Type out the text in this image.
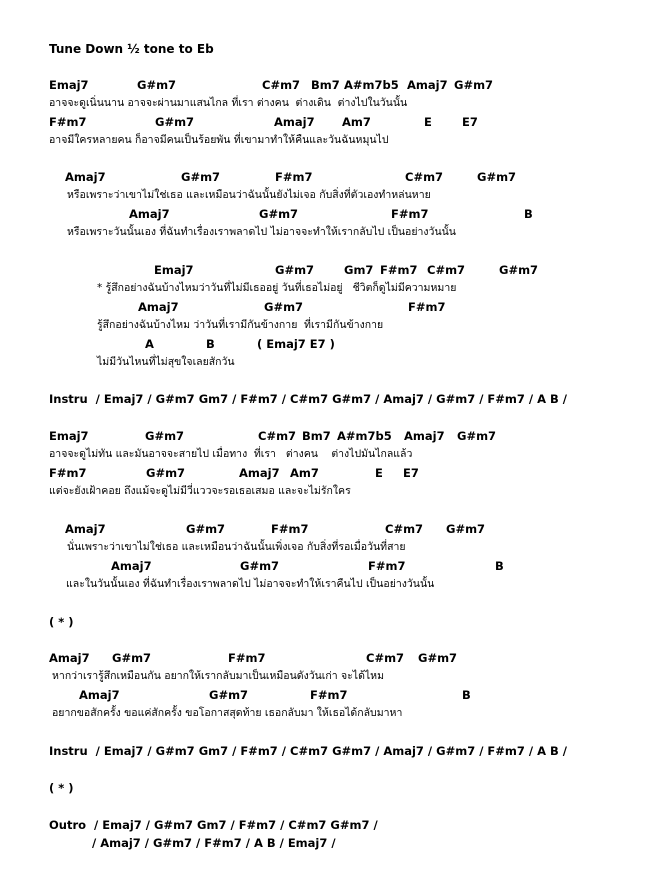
Tune Down ½ tone to Eb
Emaj7	G#m7	C#m7 Bm7 A#m7b5 Amaj7 G#m7
อาจจะดูเนิ่นนาน อาจจะผ่านมาแสนไกล ที่เรา ต่างคน  ต่างเดิน  ต่างไปในวันนั้น
F#m7	G#m7	Amaj7 Am7	E	E7
อาจมีใครหลายคน ก็อาจมีคนเป็นร้อยพัน ที่เขามาทำให้คืนและวันฉันหมุนไป
Amaj7	G#m7	F#m7	C#m7	G#m7
หรือเพราะว่าเขาไม่ใช่เธอ และเหมือนว่าฉันนั้นยังไม่เจอ กับสิ่งที่ตัวเองทำหล่นหาย
Amaj7	G#m7	F#m7	B
หรือเพราะวันนั้นเอง ที่ฉันทำเรื่องเราพลาดไป ไม่อาจจะทำให้เรากลับไป เป็นอย่างวันนั้น
Emaj7	G#m7	Gm7 F#m7 C#m7	G#m7
* รู้สึกอย่างฉันบ้างไหมว่าวันที่ไม่มีเธออยู่ วันที่เธอไม่อยู่   ชีวิตก็ดูไม่มีความหมาย
Amaj7	G#m7	F#m7
รู้สึกอย่างฉันบ้างไหม ว่าวันที่เรามีกันข้างกาย  ที่เรามีกันข้างกาย
A	B	( Emaj7 E7 )
ไม่มีวันไหนที่ไม่สุขใจเลยสักวัน
Instru  / Emaj7 / G#m7 Gm7 / F#m7 / C#m7 G#m7 / Amaj7 / G#m7 / F#m7 / A B /
Emaj7	G#m7	C#m7 Bm7 A#m7b5 Amaj7 G#m7
อาจจะดูไม่ทัน และมันอาจจะสายไป เมื่อทาง  ที่เรา   ต่างคน    ต่างไปมันไกลแล้ว
F#m7	G#m7	Amaj7 Am7	E E7
แต่จะยังเฝ้าคอย ถึงแม้จะดูไม่มีวี่แววจะรอเธอเสมอ และจะไม่รักใคร
Amaj7	G#m7	F#m7	C#m7 G#m7
นั่นเพราะว่าเขาไม่ใช่เธอ และเหมือนว่าฉันนั้นเพิ่งเจอ กับสิ่งที่รอเมื่อวันที่สาย
Amaj7	G#m7	F#m7	B
และในวันนั้นเอง ที่ฉันทำเรื่องเราพลาดไป ไม่อาจจะทำให้เราคืนไป เป็นอย่างวันนั้น
( * )
Amaj7 G#m7	F#m7	C#m7 G#m7
หากว่าเรารู้สึกเหมือนกัน อยากให้เรากลับมาเป็นเหมือนดังวันเก่า จะได้ไหม
Amaj7	G#m7	F#m7	B
อยากขอสักครั้ง ขอแค่สักครั้ง ขอโอกาสสุดท้าย เธอกลับมา ให้เธอได้กลับมาหา
Instru  / Emaj7 / G#m7 Gm7 / F#m7 / C#m7 G#m7 / Amaj7 / G#m7 / F#m7 / A B /
( * )
Outro  / Emaj7 / G#m7 Gm7 / F#m7 / C#m7 G#m7 /
/ Amaj7 / G#m7 / F#m7 / A B / Emaj7 /
